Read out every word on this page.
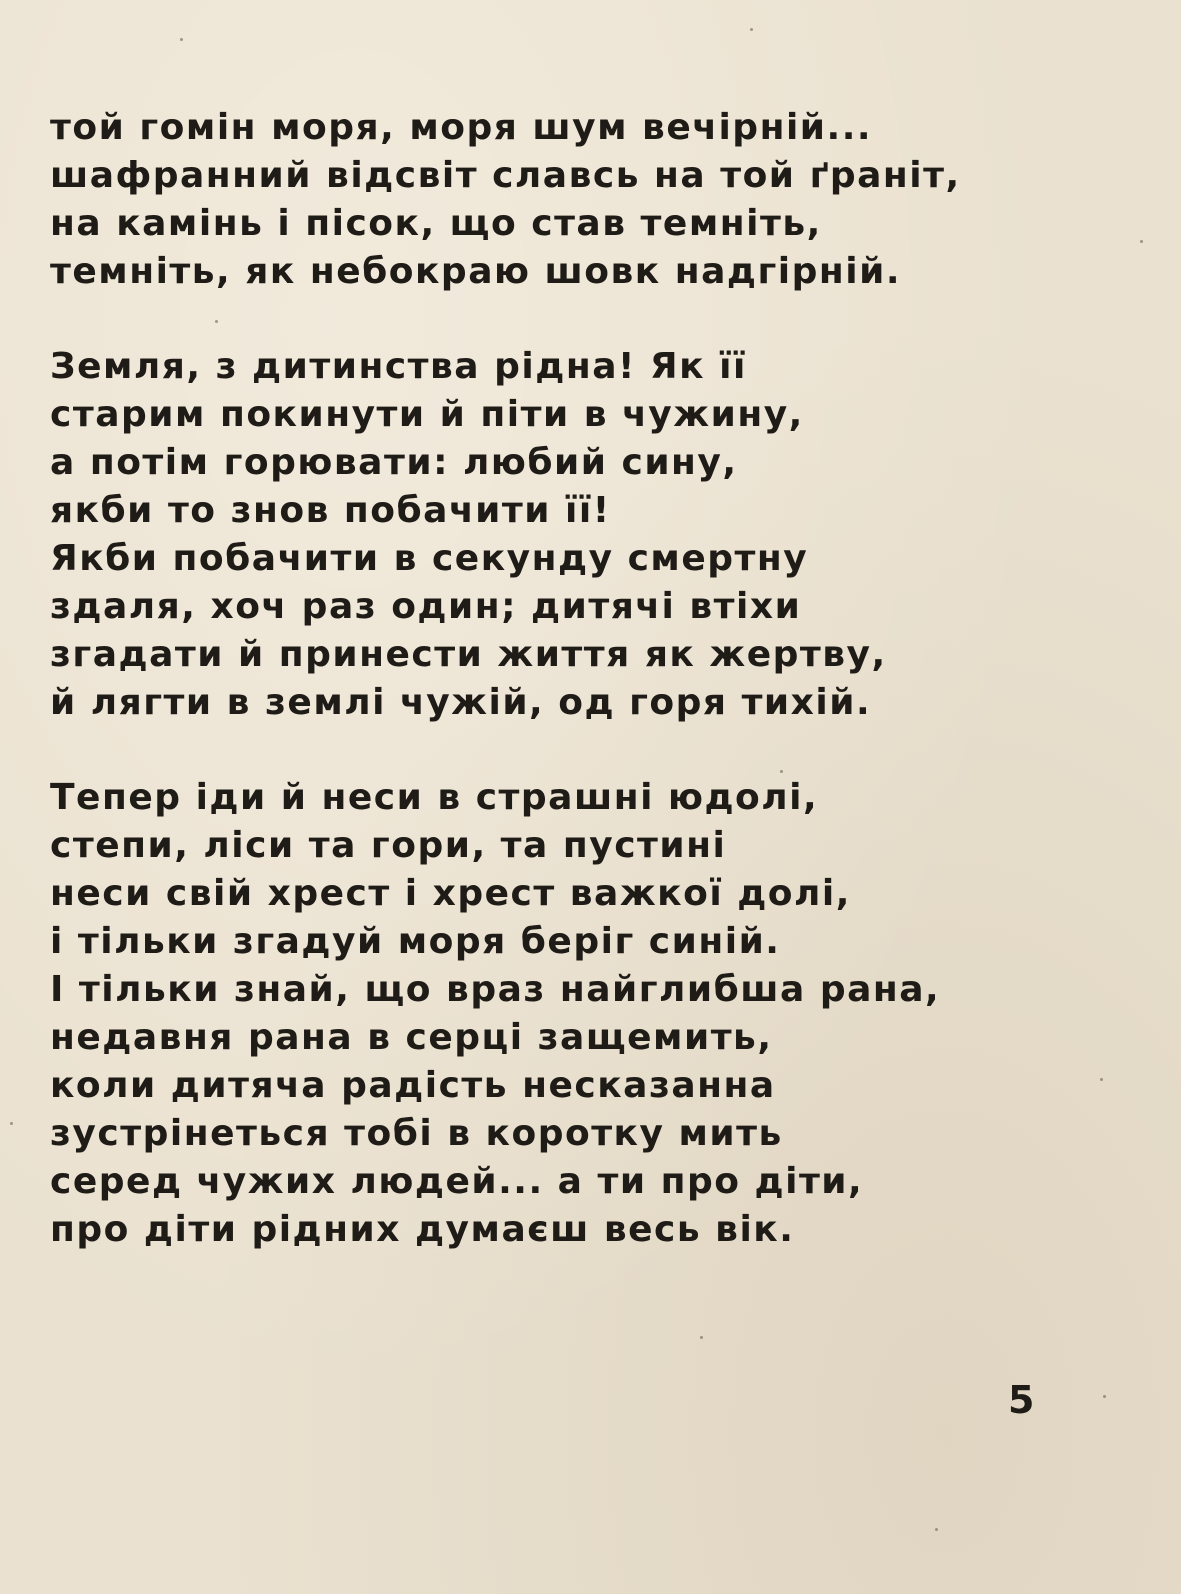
той гомін моря, моря шум вечірній...
шафранний відсвіт славсь на той ґраніт,
на камінь і пісок, що став темніть,
темніть, як небокраю шовк надгірній.
Земля, з дитинства рідна! Як її
старим покинути й піти в чужину,
а потім горювати: любий сину,
якби то знов побачити її!
Якби побачити в секунду смертну
здаля, хоч раз один; дитячі втіхи
згадати й принести життя як жертву,
й лягти в землі чужій, од горя тихій.
Тепер іди й неси в страшні юдолі,
степи, ліси та гори, та пустині
неси свій хрест і хрест важкої долі,
і тільки згадуй моря беріг синій.
І тільки знай, що враз найглибша рана,
недавня рана в серці защемить,
коли дитяча радість несказанна
зустрінеться тобі в коротку мить
серед чужих людей... а ти про діти,
про діти рідних думаєш весь вік.
5
